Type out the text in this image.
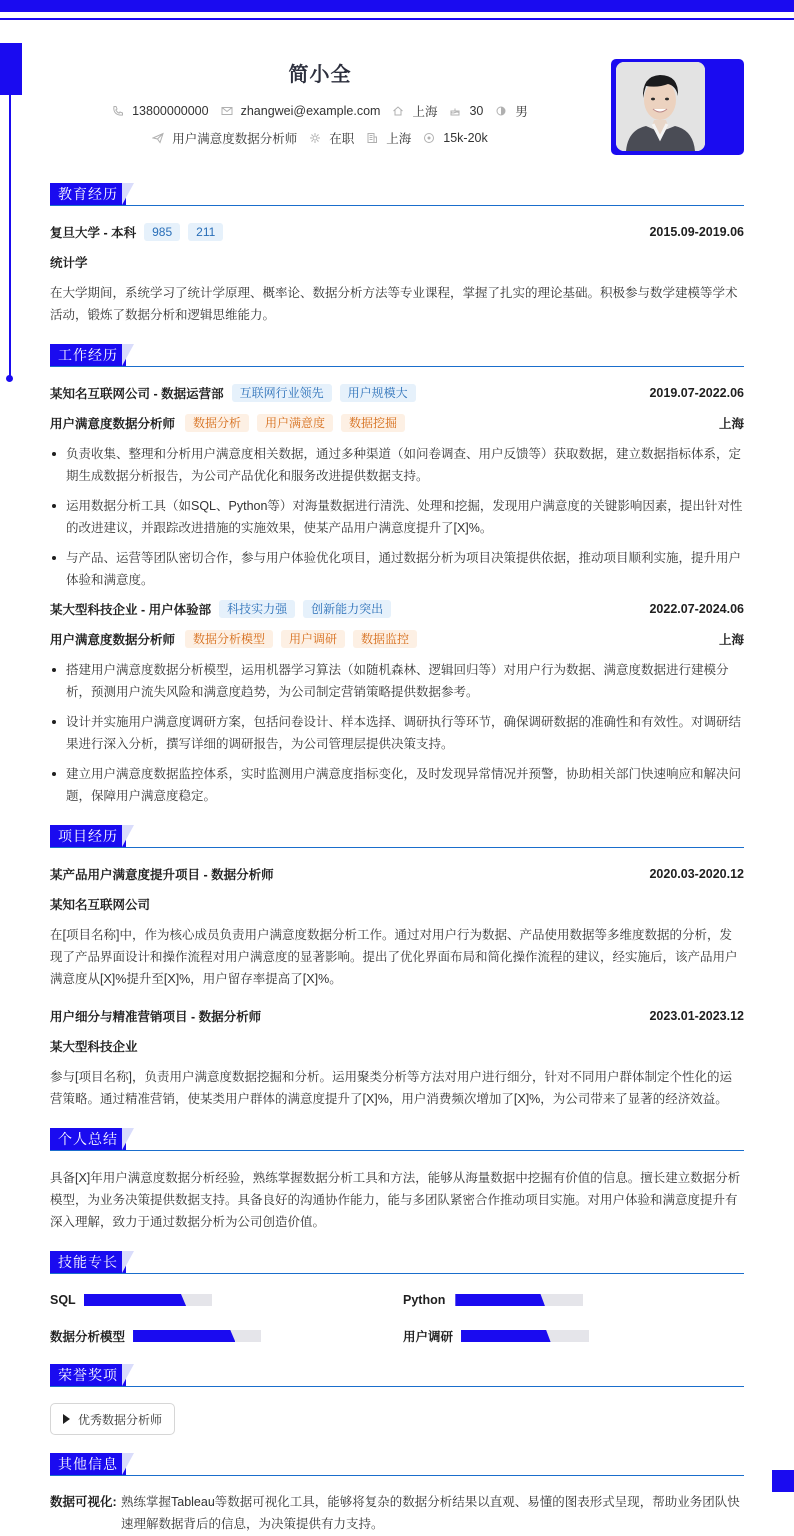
简小全
13800000000	zhangwei@example.com	上海	30	男
用户满意度数据分析师	在职	上海	15k-20k
教育经历
复旦大学 - 本科	985	211	2015.09-2019.06
统计学

在大学期间，系统学习了统计学原理、概率论、数据分析方法等专业课程，掌握了扎实的理论基础。积极参与数学建模等学术活动，锻炼了数据分析和逻辑思维能力。

工作经历
某知名互联网公司 - 数据运营部	互联网行业领先	用户规模大	2019.07-2022.06
用户满意度数据分析师	数据分析	用户满意度	数据挖掘	上海
负责收集、整理和分析用户满意度相关数据，通过多种渠道（如问卷调查、用户反馈等）获取数据，建立数据指标体系，定期生成数据分析报告，为公司产品优化和服务改进提供数据支持。
运用数据分析工具（如SQL、Python等）对海量数据进行清洗、处理和挖掘，发现用户满意度的关键影响因素，提出针对性的改进建议，并跟踪改进措施的实施效果，使某产品用户满意度提升了[X]%。
与产品、运营等团队密切合作，参与用户体验优化项目，通过数据分析为项目决策提供依据，推动项目顺利实施，提升用户体验和满意度。
某大型科技企业 - 用户体验部	科技实力强	创新能力突出	2022.07-2024.06
用户满意度数据分析师	数据分析模型	用户调研	数据监控	上海
搭建用户满意度数据分析模型，运用机器学习算法（如随机森林、逻辑回归等）对用户行为数据、满意度数据进行建模分析，预测用户流失风险和满意度趋势，为公司制定营销策略提供数据参考。
设计并实施用户满意度调研方案，包括问卷设计、样本选择、调研执行等环节，确保调研数据的准确性和有效性。对调研结果进行深入分析，撰写详细的调研报告，为公司管理层提供决策支持。
建立用户满意度数据监控体系，实时监测用户满意度指标变化，及时发现异常情况并预警，协助相关部门快速响应和解决问题，保障用户满意度稳定。
项目经历
某产品用户满意度提升项目 - 数据分析师	2020.03-2020.12
某知名互联网公司

在[项目名称]中，作为核心成员负责用户满意度数据分析工作。通过对用户行为数据、产品使用数据等多维度数据的分析，发现了产品界面设计和操作流程对用户满意度的显著影响。提出了优化界面布局和简化操作流程的建议，经实施后，该产品用户满意度从[X]%提升至[X]%，用户留存率提高了[X]%。

用户细分与精准营销项目 - 数据分析师	2023.01-2023.12
某大型科技企业

参与[项目名称]，负责用户满意度数据挖掘和分析。运用聚类分析等方法对用户进行细分，针对不同用户群体制定个性化的运营策略。通过精准营销，使某类用户群体的满意度提升了[X]%，用户消费频次增加了[X]%，为公司带来了显著的经济效益。

个人总结

具备[X]年用户满意度数据分析经验，熟练掌握数据分析工具和方法，能够从海量数据中挖掘有价值的信息。擅长建立数据分析模型，为业务决策提供数据支持。具备良好的沟通协作能力，能与多团队紧密合作推动项目实施。对用户体验和满意度提升有深入理解，致力于通过数据分析为公司创造价值。

技能专长
SQL	Python
数据分析模型	用户调研
荣誉奖项
优秀数据分析师
其他信息
数据可视化: 熟练掌握Tableau等数据可视化工具，能够将复杂的数据分析结果以直观、易懂的图表形式呈现，帮助业务团队快速理解数据背后的信息，为决策提供有力支持。
